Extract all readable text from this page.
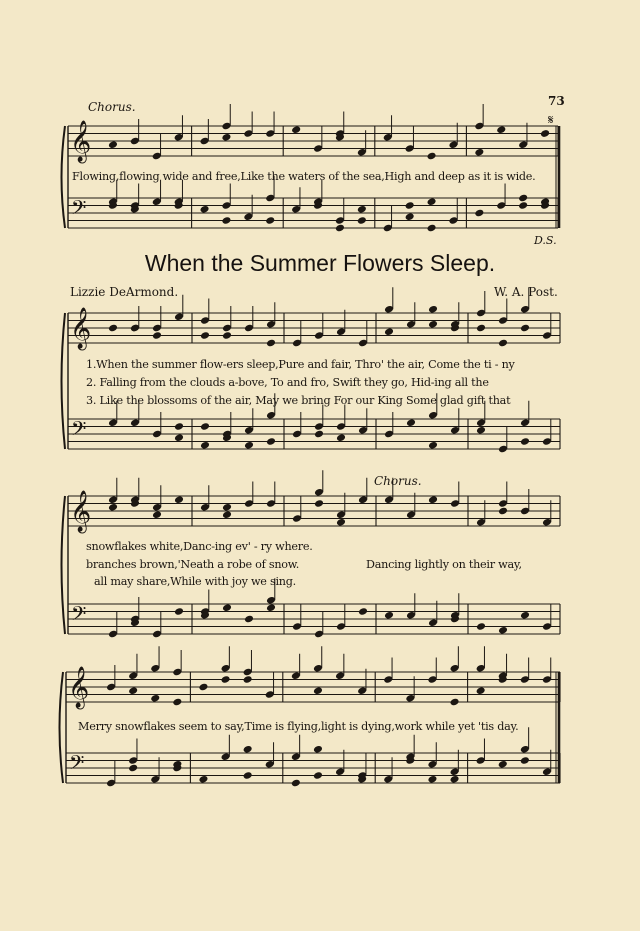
𝄞
𝄢
𝄞
𝄢
𝄞
𝄢
𝄞
𝄢
𝄋
73
Chorus.
Flowing,flowing wide and free,Like the waters of the sea,High and deep as it is wide.
D.S.
When the Summer Flowers Sleep.
Lizzie DeArmond.	W. A. Post.
1.When the summer flow-ers sleep,Pure and fair, Thro' the air, Come the ti - ny
2. Falling from the clouds a-bove, To and fro, Swift they go, Hid-ing all the
3. Like the blossoms of the air, May we bring For our King Some glad gift that
Chorus.
snowflakes white,Danc-ing ev' - ry where.
branches brown,'Neath a robe of snow.
all may share,While with joy we sing.
Dancing lightly on their way,
Merry snowflakes seem to say,Time is flying,light is dying,work while yet 'tis day.
